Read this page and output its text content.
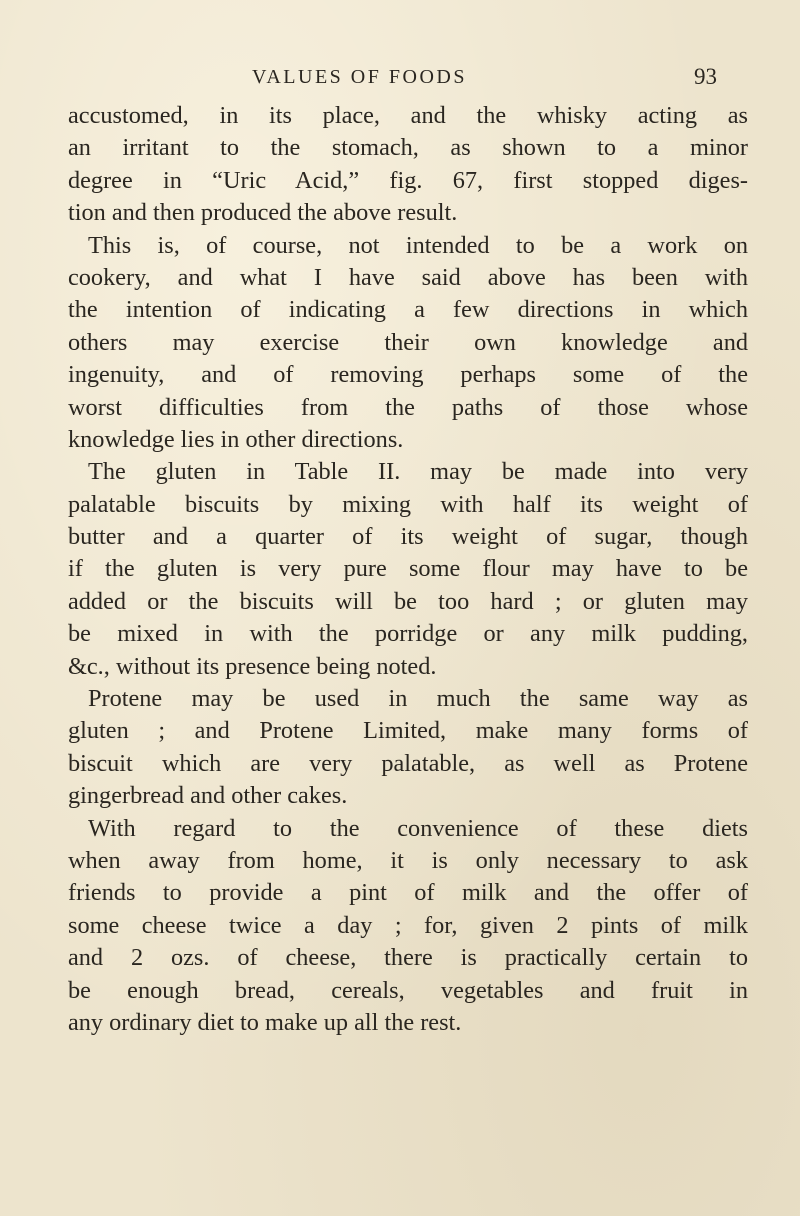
VALUES OF FOODS	93
accustomed, in its place, and the whisky acting as
an irritant to the stomach, as shown to a minor
degree in “Uric Acid,” fig. 67, first stopped diges-
tion and then produced the above result.
This is, of course, not intended to be a work on
cookery, and what I have said above has been with
the intention of indicating a few directions in which
others may exercise their own knowledge and
ingenuity, and of removing perhaps some of the
worst difficulties from the paths of those whose
knowledge lies in other directions.
The gluten in Table II. may be made into very
palatable biscuits by mixing with half its weight of
butter and a quarter of its weight of sugar, though
if the gluten is very pure some flour may have to be
added or the biscuits will be too hard ; or gluten may
be mixed in with the porridge or any milk pudding,
&c., without its presence being noted.
Protene may be used in much the same way as
gluten ; and Protene Limited, make many forms of
biscuit which are very palatable, as well as Protene
gingerbread and other cakes.
With regard to the convenience of these diets
when away from home, it is only necessary to ask
friends to provide a pint of milk and the offer of
some cheese twice a day ; for, given 2 pints of milk
and 2 ozs. of cheese, there is practically certain to
be enough bread, cereals, vegetables and fruit in
any ordinary diet to make up all the rest.
